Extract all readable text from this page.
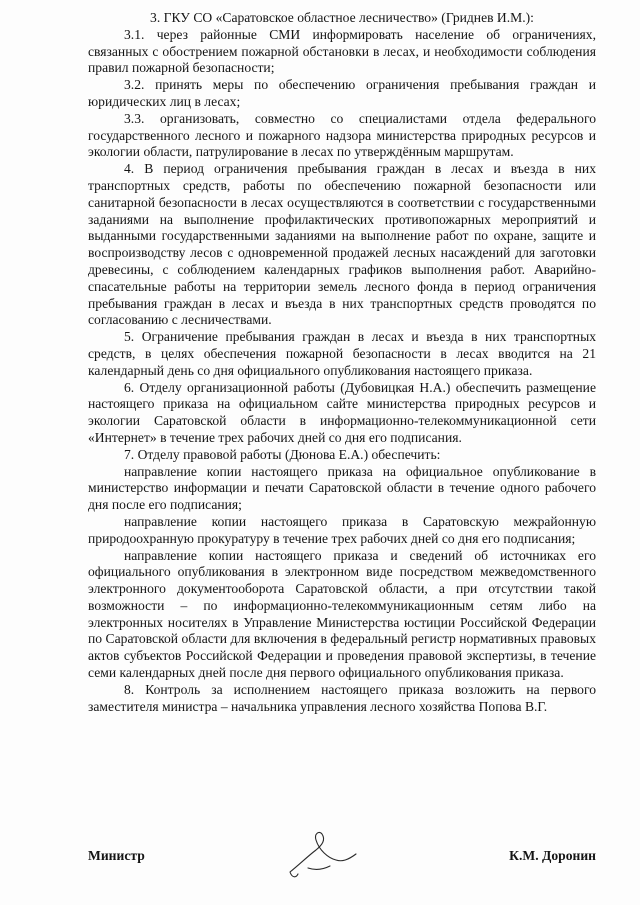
3. ГКУ СО «Саратовское областное лесничество» (Гриднев И.М.):

3.1. через районные СМИ информировать население об ограничениях, связанных с обострением пожарной обстановки в лесах, и необходимости соблюдения правил пожарной безопасности;

3.2. принять меры по обеспечению ограничения пребывания граждан и юридических лиц в лесах;

3.3. организовать, совместно со специалистами отдела федерального государственного лесного и пожарного надзора министерства природных ресурсов и экологии области, патрулирование в лесах по утверждённым маршрутам.

4. В период ограничения пребывания граждан в лесах и въезда в них транспортных средств, работы по обеспечению пожарной безопасности или санитарной безопасности в лесах осуществляются в соответствии с государственными заданиями на выполнение профилактических противопожарных мероприятий и выданными государственными заданиями на выполнение работ по охране, защите и воспроизводству лесов с одновременной продажей лесных насаждений для заготовки древесины, с соблюдением календарных графиков выполнения работ. Аварийно-спасательные работы на территории земель лесного фонда в период ограничения пребывания граждан в лесах и въезда в них транспортных средств проводятся по согласованию с лесничествами.

5. Ограничение пребывания граждан в лесах и въезда в них транспортных средств, в целях обеспечения пожарной безопасности в лесах вводится на 21 календарный день со дня официального опубликования настоящего приказа.

6. Отделу организационной работы (Дубовицкая Н.А.) обеспечить размещение настоящего приказа на официальном сайте министерства природных ресурсов и экологии Саратовской области в информационно-телекоммуникационной сети «Интернет» в течение трех рабочих дней со дня его подписания.

7. Отделу правовой работы (Дюнова Е.А.) обеспечить:

направление копии настоящего приказа на официальное опубликование в министерство информации и печати Саратовской области в течение одного рабочего дня после его подписания;

направление копии настоящего приказа в Саратовскую межрайонную природоохранную прокуратуру в течение трех рабочих дней со дня его подписания;

направление копии настоящего приказа и сведений об источниках его официального опубликования в электронном виде посредством межведомственного электронного документооборота Саратовской области, а при отсутствии такой возможности – по информационно-телекоммуникационным сетям либо на электронных носителях в Управление Министерства юстиции Российской Федерации по Саратовской области для включения в федеральный регистр нормативных правовых актов субъектов Российской Федерации и проведения правовой экспертизы, в течение семи календарных дней после дня первого официального опубликования приказа.

8. Контроль за исполнением настоящего приказа возложить на первого заместителя министра – начальника управления лесного хозяйства Попова В.Г.

Министр	К.М. Доронин
